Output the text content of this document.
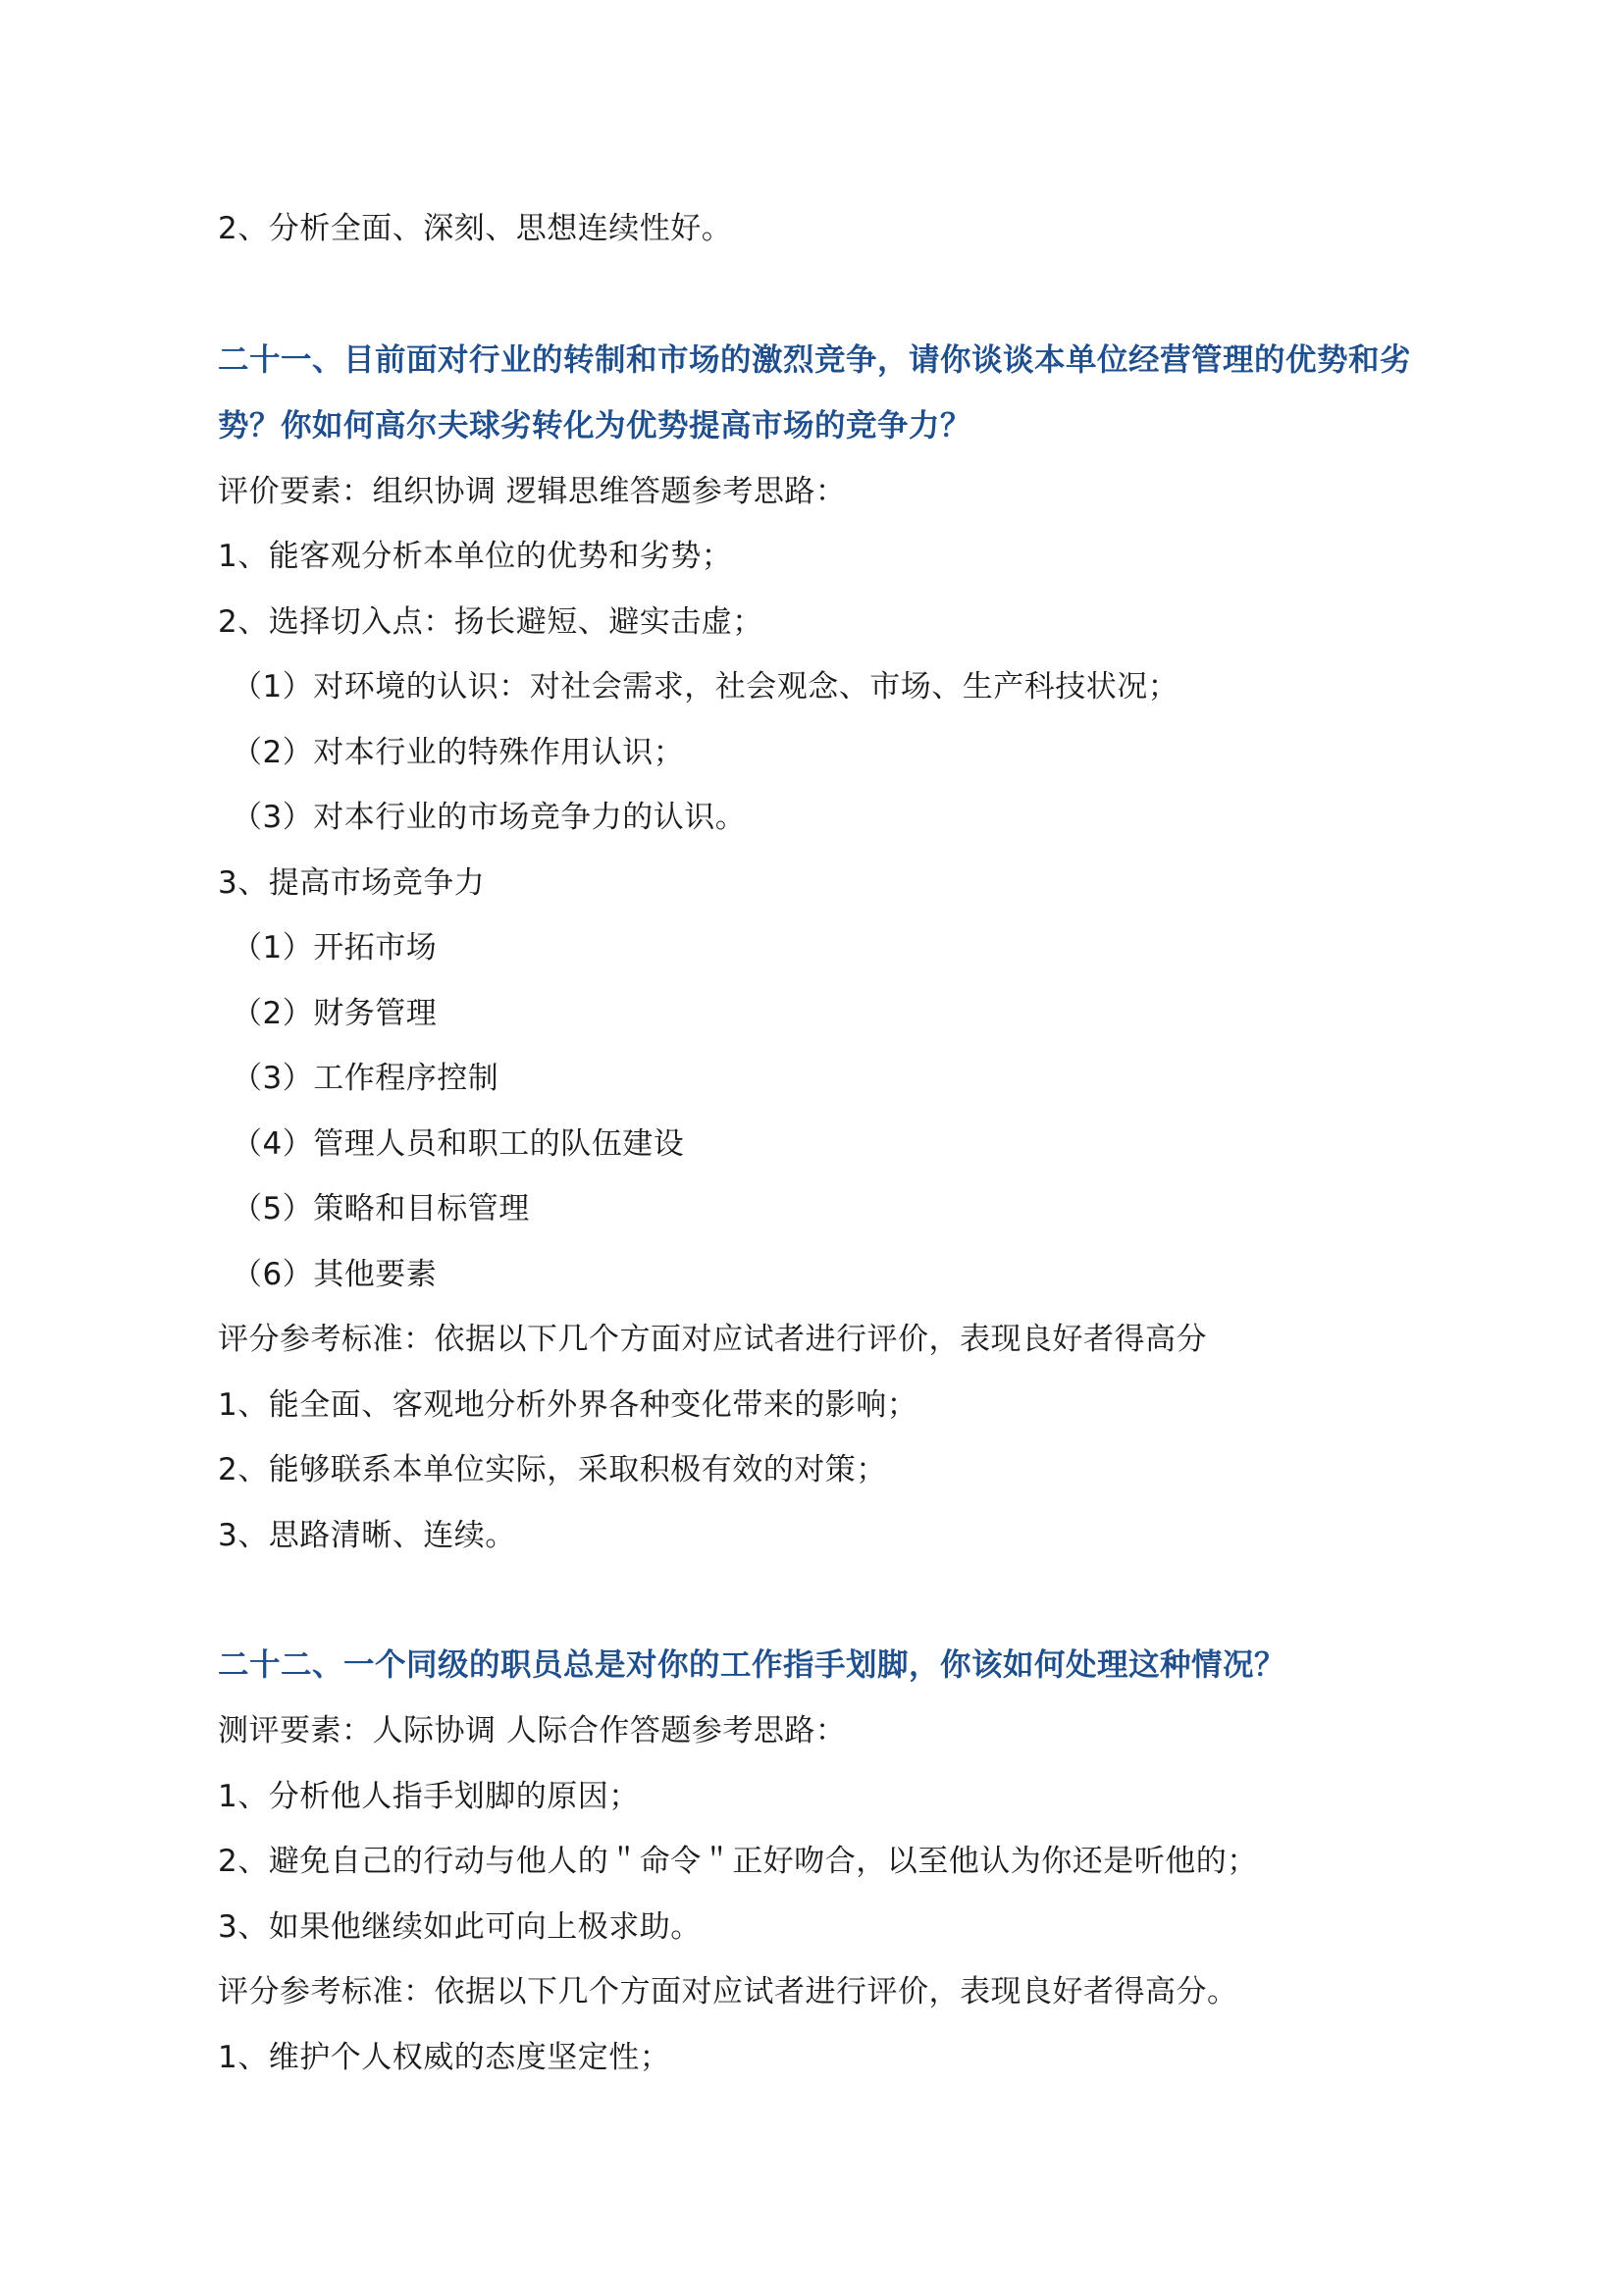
2、分析全面、深刻、思想连续性好。
二十一、目前面对行业的转制和市场的激烈竞争，请你谈谈本单位经营管理的优势和劣
势？你如何高尔夫球劣转化为优势提高市场的竞争力？
评价要素：组织协调 逻辑思维答题参考思路：
1、能客观分析本单位的优势和劣势；
2、选择切入点：扬长避短、避实击虚；
（1）对环境的认识：对社会需求，社会观念、市场、生产科技状况；
（2）对本行业的特殊作用认识；
（3）对本行业的市场竞争力的认识。
3、提高市场竞争力
（1）开拓市场
（2）财务管理
（3）工作程序控制
（4）管理人员和职工的队伍建设
（5）策略和目标管理
（6）其他要素
评分参考标准：依据以下几个方面对应试者进行评价，表现良好者得高分
1、能全面、客观地分析外界各种变化带来的影响；
2、能够联系本单位实际，采取积极有效的对策；
3、思路清晰、连续。
二十二、一个同级的职员总是对你的工作指手划脚，你该如何处理这种情况？
测评要素：人际协调 人际合作答题参考思路：
1、分析他人指手划脚的原因；
2、避免自己的行动与他人的＂命令＂正好吻合，以至他认为你还是听他的；
3、如果他继续如此可向上极求助。
评分参考标准：依据以下几个方面对应试者进行评价，表现良好者得高分。
1、维护个人权威的态度坚定性；
